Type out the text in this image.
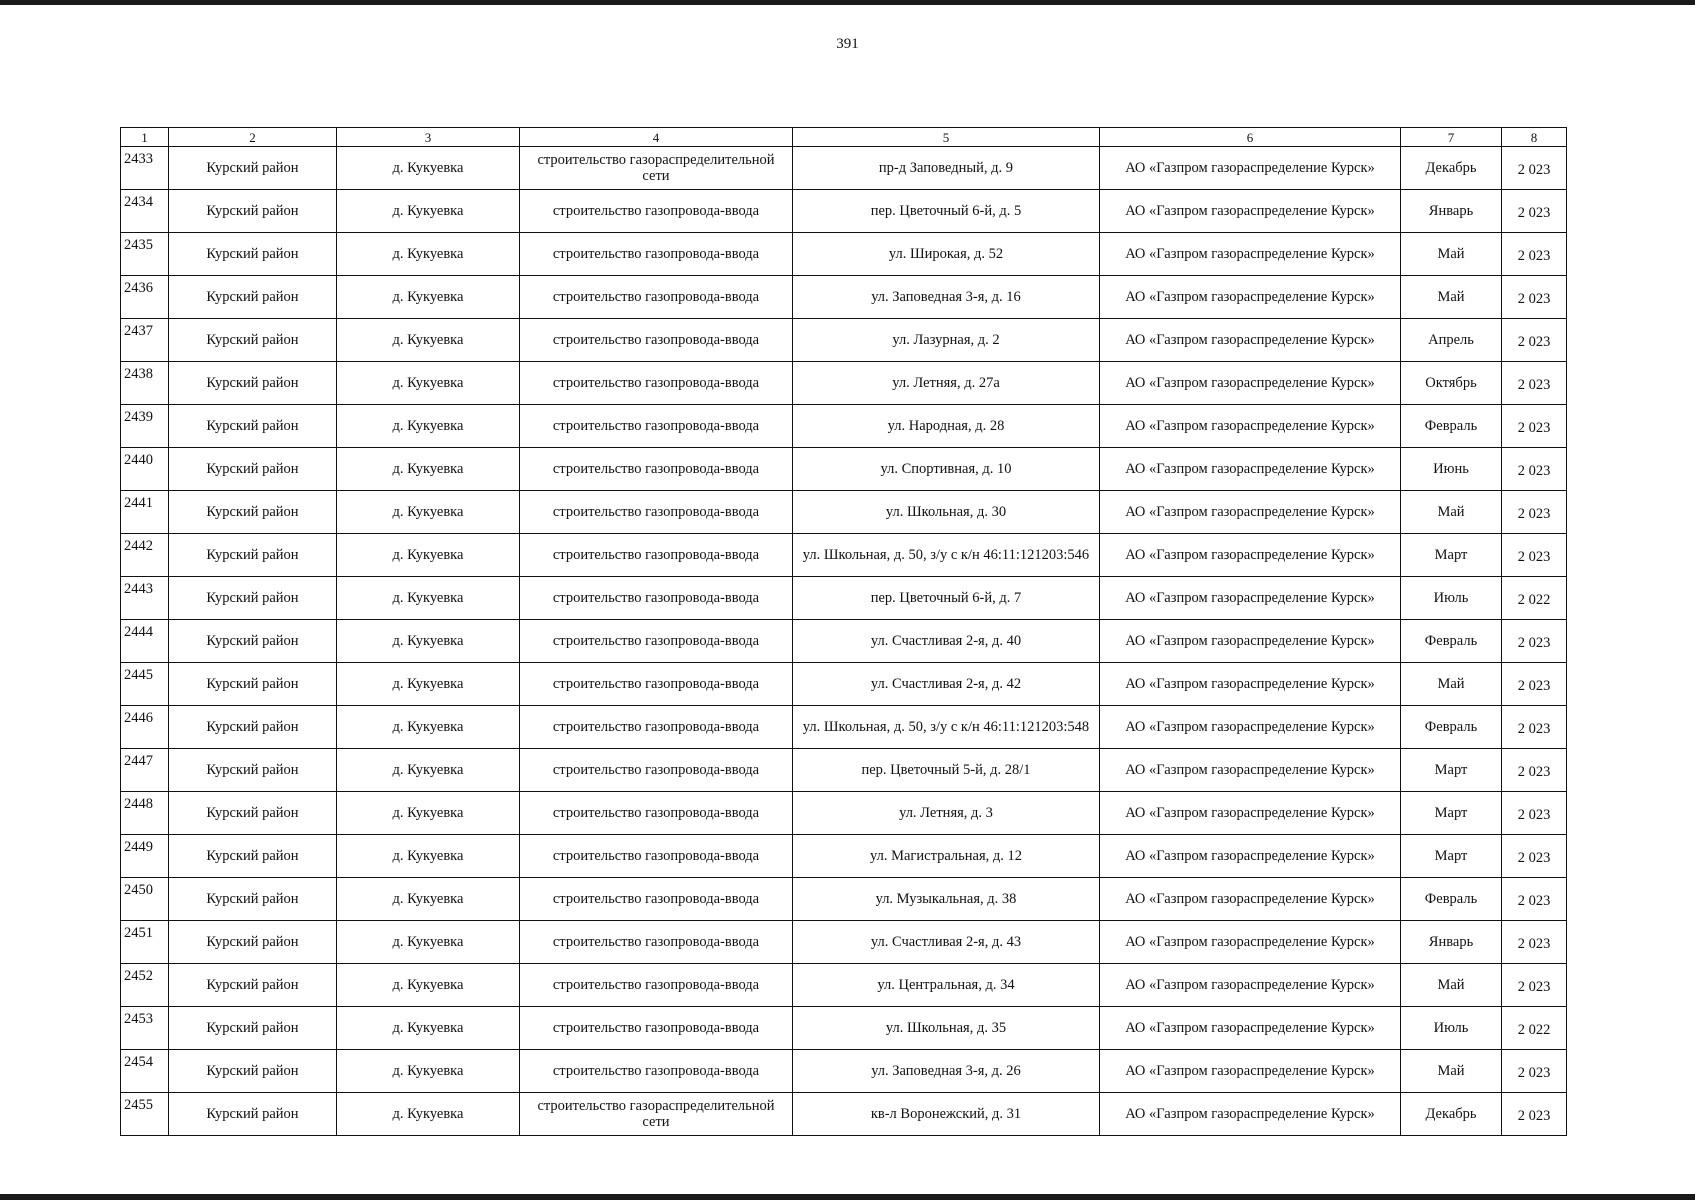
391
1	2	3	4	5	6	7	8
2433	Курский район	д. Кукуевка	строительство газораспределительной сети	пр-д Заповедный, д. 9	АО «Газпром газораспределение Курск»	Декабрь	2 023
2434	Курский район	д. Кукуевка	строительство газопровода-ввода	пер. Цветочный 6-й, д. 5	АО «Газпром газораспределение Курск»	Январь	2 023
2435	Курский район	д. Кукуевка	строительство газопровода-ввода	ул. Широкая, д. 52	АО «Газпром газораспределение Курск»	Май	2 023
2436	Курский район	д. Кукуевка	строительство газопровода-ввода	ул. Заповедная 3-я, д. 16	АО «Газпром газораспределение Курск»	Май	2 023
2437	Курский район	д. Кукуевка	строительство газопровода-ввода	ул. Лазурная, д. 2	АО «Газпром газораспределение Курск»	Апрель	2 023
2438	Курский район	д. Кукуевка	строительство газопровода-ввода	ул. Летняя, д. 27а	АО «Газпром газораспределение Курск»	Октябрь	2 023
2439	Курский район	д. Кукуевка	строительство газопровода-ввода	ул. Народная, д. 28	АО «Газпром газораспределение Курск»	Февраль	2 023
2440	Курский район	д. Кукуевка	строительство газопровода-ввода	ул. Спортивная, д. 10	АО «Газпром газораспределение Курск»	Июнь	2 023
2441	Курский район	д. Кукуевка	строительство газопровода-ввода	ул. Школьная, д. 30	АО «Газпром газораспределение Курск»	Май	2 023
2442	Курский район	д. Кукуевка	строительство газопровода-ввода	ул. Школьная, д. 50, з/у с к/н 46:11:121203:546	АО «Газпром газораспределение Курск»	Март	2 023
2443	Курский район	д. Кукуевка	строительство газопровода-ввода	пер. Цветочный 6-й, д. 7	АО «Газпром газораспределение Курск»	Июль	2 022
2444	Курский район	д. Кукуевка	строительство газопровода-ввода	ул. Счастливая 2-я, д. 40	АО «Газпром газораспределение Курск»	Февраль	2 023
2445	Курский район	д. Кукуевка	строительство газопровода-ввода	ул. Счастливая 2-я, д. 42	АО «Газпром газораспределение Курск»	Май	2 023
2446	Курский район	д. Кукуевка	строительство газопровода-ввода	ул. Школьная, д. 50, з/у с к/н 46:11:121203:548	АО «Газпром газораспределение Курск»	Февраль	2 023
2447	Курский район	д. Кукуевка	строительство газопровода-ввода	пер. Цветочный 5-й, д. 28/1	АО «Газпром газораспределение Курск»	Март	2 023
2448	Курский район	д. Кукуевка	строительство газопровода-ввода	ул. Летняя, д. 3	АО «Газпром газораспределение Курск»	Март	2 023
2449	Курский район	д. Кукуевка	строительство газопровода-ввода	ул. Магистральная, д. 12	АО «Газпром газораспределение Курск»	Март	2 023
2450	Курский район	д. Кукуевка	строительство газопровода-ввода	ул. Музыкальная, д. 38	АО «Газпром газораспределение Курск»	Февраль	2 023
2451	Курский район	д. Кукуевка	строительство газопровода-ввода	ул. Счастливая 2-я, д. 43	АО «Газпром газораспределение Курск»	Январь	2 023
2452	Курский район	д. Кукуевка	строительство газопровода-ввода	ул. Центральная, д. 34	АО «Газпром газораспределение Курск»	Май	2 023
2453	Курский район	д. Кукуевка	строительство газопровода-ввода	ул. Школьная, д. 35	АО «Газпром газораспределение Курск»	Июль	2 022
2454	Курский район	д. Кукуевка	строительство газопровода-ввода	ул. Заповедная 3-я, д. 26	АО «Газпром газораспределение Курск»	Май	2 023
2455	Курский район	д. Кукуевка	строительство газораспределительной сети	кв-л Воронежский, д. 31	АО «Газпром газораспределение Курск»	Декабрь	2 023
